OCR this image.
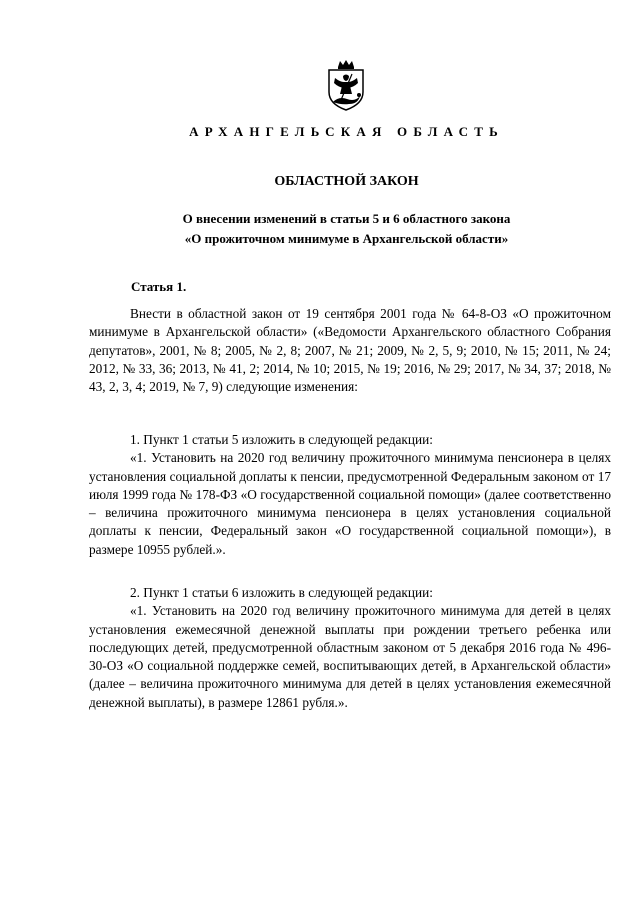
АРХАНГЕЛЬСКАЯ ОБЛАСТЬ
ОБЛАСТНОЙ ЗАКОН
О внесении изменений в статьи 5 и 6 областного закона
«О прожиточном минимуме в Архангельской области»
Статья 1.

Внести в областной закон от 19 сентября 2001 года № 64-8-ОЗ «О прожиточном минимуме в Архангельской области» («Ведомости Архангельского областного Собрания депутатов», 2001, № 8; 2005, № 2, 8; 2007, № 21; 2009, № 2, 5, 9; 2010, № 15; 2011, № 24; 2012, № 33, 36; 2013, № 41, 2; 2014, № 10; 2015, № 19; 2016, № 29; 2017, № 34, 37; 2018, № 43, 2, 3, 4; 2019, № 7, 9) следующие изменения:

1. Пункт 1 статьи 5 изложить в следующей редакции:

«1. Установить на 2020 год величину прожиточного минимума пенсионера в целях установления социальной доплаты к пенсии, предусмотренной Федеральным законом от 17 июля 1999 года № 178-ФЗ «О государственной социальной помощи» (далее соответственно – величина прожиточного минимума пенсионера в целях установления социальной доплаты к пенсии, Федеральный закон «О государственной социальной помощи»), в размере 10955 рублей.».

2. Пункт 1 статьи 6 изложить в следующей редакции:

«1. Установить на 2020 год величину прожиточного минимума для детей в целях установления ежемесячной денежной выплаты при рождении третьего ребенка или последующих детей, предусмотренной областным законом от 5 декабря 2016 года № 496-30-ОЗ «О социальной поддержке семей, воспитывающих детей, в Архангельской области» (далее – величина прожиточного минимума для детей в целях установления ежемесячной денежной выплаты), в размере 12861 рубля.».
